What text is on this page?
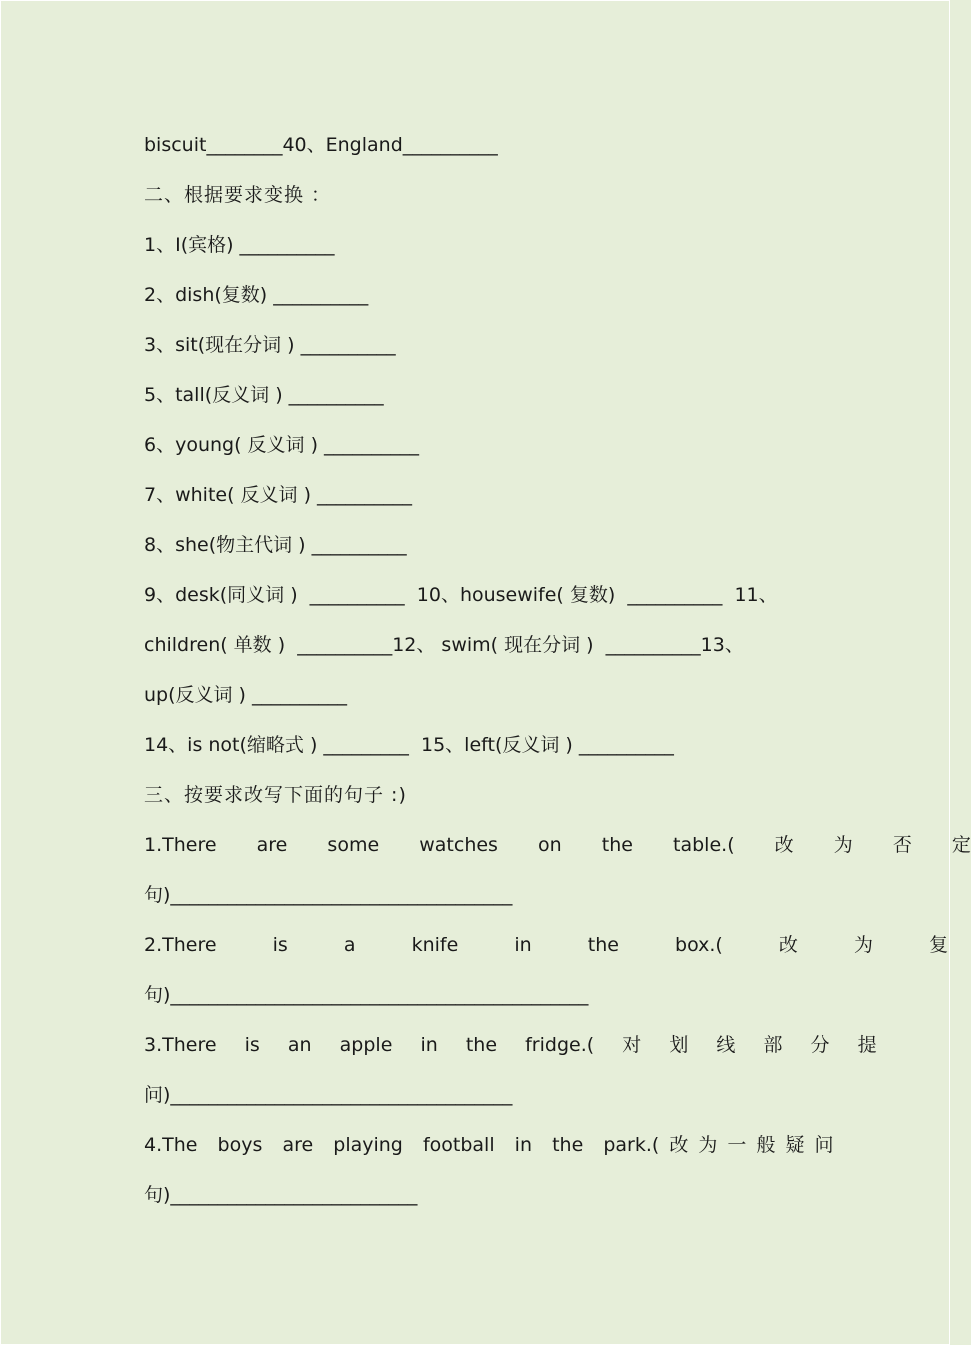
biscuit________40、England__________
二、根据要求变换 ：
1、I(宾格) __________
2、dish(复数) __________
3、sit(现在分词 ) __________
5、tall(反义词 ) __________
6、young( 反义词 ) __________
7、white( 反义词 ) __________
8、she(物主代词 ) __________
9、desk(同义词 )  __________  10、housewife( 复数)  __________  11、
children( 单数 )  __________12、 swim( 现在分词 )  __________13、
up(反义词 ) __________
14、is not(缩略式 ) _________  15、left(反义词 ) __________
三、按要求改写下面的句子 :)
1.There  are  some  watches  on  the  table.(  改  为  否  定
句)____________________________________
2.There  is  a  knife  in  the  box.(  改  为  复
句)____________________________________________
3.There  is  an  apple  in  the  fridge.(  对  划  线  部  分  提
问)____________________________________
4.The  boys  are  playing  football  in  the  park.( 改 为 一 般 疑 问
句)__________________________
